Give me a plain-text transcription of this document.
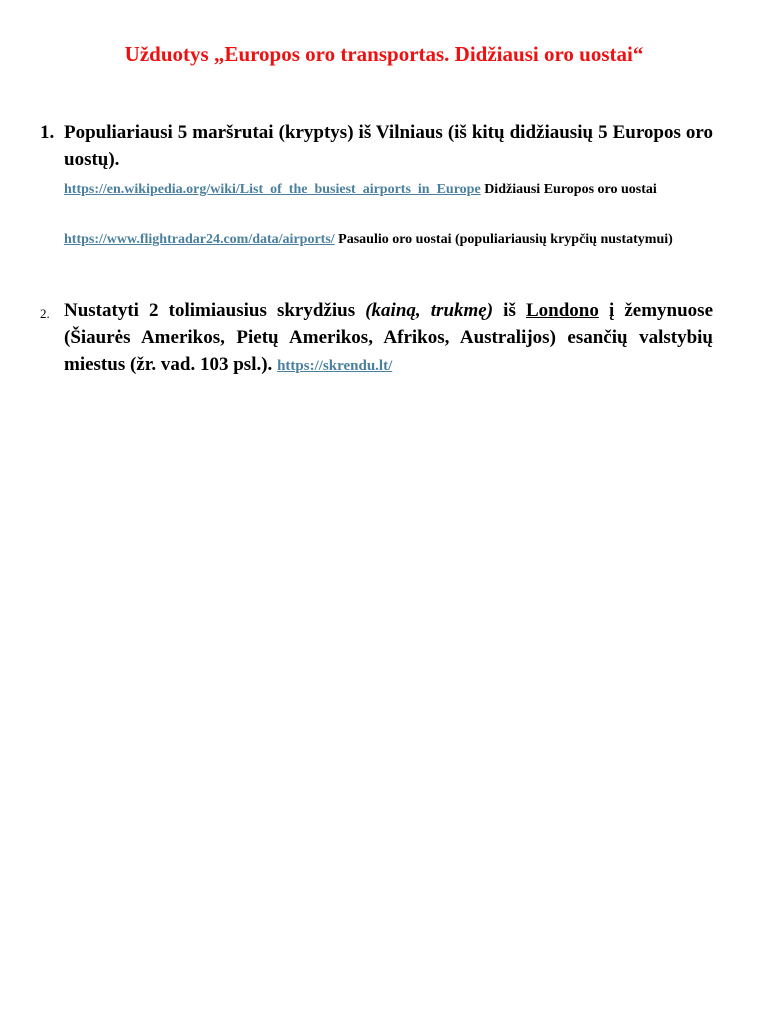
Užduotys „Europos oro transportas. Didžiausi oro uostai“
1. Populiariausi 5 maršrutai (kryptys) iš Vilniaus (iš kitų didžiausių 5 Europos oro uostų).
https://en.wikipedia.org/wiki/List_of_the_busiest_airports_in_Europe Didžiausi Europos oro uostai
https://www.flightradar24.com/data/airports/ Pasaulio oro uostai (populiariausių krypčių nustatymui)
2. Nustatyti 2 tolimiausius skrydžius (kainą, trukmę) iš Londono į žemynuose (Šiaurės Amerikos, Pietų Amerikos, Afrikos, Australijos) esančių valstybių miestus (žr. vad. 103 psl.). https://skrendu.lt/
